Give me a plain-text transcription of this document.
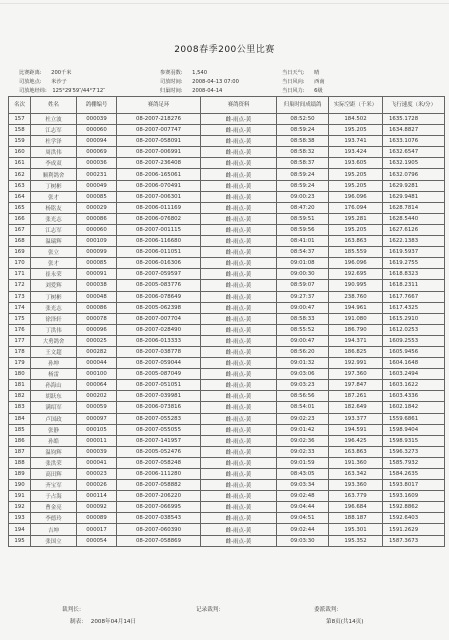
2008春季200公里比赛
比赛距离: 200千米	参赛羽数: 1,540	当日天气: 晴
司放地点: 米沙子	司放时间: 2008-04-13 07:00	当日风向: 西南
司放地经纬: 125°29′59″/44°7′12″	归巢时间: 2008-04-14	当日风力: 6级
名次	姓名	鸽棚编号	赛鸽足环	赛鸽资料	归巢时间成绩鸽	实际空距（千米）	飞行速度（米/分）
157	杜立波	000039	08-2007-218276	雌-雨点-黄	08:52:50	184.502	1635.1728
158	江志军	000060	08-2007-007747	雌-雨点-黄	08:59:24	195.205	1634.8827
159	杜学泽	000094	08-2007-058091	雌-雨点-黄	08:58:38	193.741	1633.1076
160	周洪伟	000069	08-2007-006991	雌-雨点-黄	08:58:32	193.424	1632.6547
161	李成双	000036	08-2007-236408	雌-雨点-黄	08:58:37	193.605	1632.1905
162	顺利鸽舍	000231	08-2006-165061	雌-雨点-黄	08:59:24	195.205	1632.0796
163	丁树彬	000049	08-2006-070491	雌-雨点-黄	08:59:24	195.205	1629.9281
164	张才	000085	08-2007-006301	雌-雨点-黄	09:00:23	196.096	1629.9481
165	杨铭友	000029	08-2006-011169	雌-雨点-黄	08:47:20	176.094	1628.7814
166	张光志	000086	08-2006-076802	雌-雨点-黄	08:59:51	195.281	1628.5440
167	江志军	000060	08-2007-001115	雌-雨点-黄	08:59:56	195.205	1627.6126
168	温瑞辉	000109	08-2006-116680	雌-雨点-黄	08:41:01	163.863	1622.1383
169	张立	000099	08-2006-011051	雌-雨点-黄	08:54:37	185.559	1619.5937
170	张才	000085	08-2006-016306	雌-雨点-黄	09:01:08	196.096	1619.2755
171	崔永荣	000091	08-2007-059597	雌-雨点-黄	09:00:30	192.695	1618.8323
172	刘爱辉	000038	08-2005-083776	雌-雨点-黄	08:59:07	190.995	1618.2311
173	丁树彬	000048	08-2006-078649	雌-雨点-黄	09:27:37	238.760	1617.7667
174	张光志	000086	08-2005-062398	雌-雨点-黄	09:00:47	194.961	1617.4325
175	徐泽轩	000078	08-2007-007704	雌-雨点-黄	08:58:33	191.080	1615.2910
176	丁洪伟	000096	08-2007-028490	雌-雨点-黄	08:55:52	186.790	1612.0253
177	大勇鸽舍	000025	08-2006-013333	雌-雨点-黄	09:00:47	194.371	1609.2553
178	王文超	000282	08-2007-038778	雌-雨点-黄	08:56:20	186.825	1605.9456
179	孙坤	000044	08-2007-059044	雌-雨点-黄	09:01:32	192.991	1604.1648
180	杨雷	000100	08-2005-087049	雌-雨点-黄	09:03:06	197.360	1603.2494
181	孙海山	000064	08-2007-051051	雌-雨点-黄	09:03:23	197.847	1603.1622
182	胡跃东	000202	08-2007-039981	雌-雨点-黄	08:56:56	187.261	1603.4336
183	满绍军	000059	08-2006-073816	雌-雨点-黄	08:54:01	182.649	1602.1842
184	卢国政	000097	08-2007-055283	雌-雨点-黄	09:02:23	193.377	1559.6861
185	张静	000105	08-2007-055055	雌-雨点-黄	09:01:42	194.591	1598.9404
186	孙皓	000011	08-2007-141957	雌-雨点-黄	09:02:36	196.425	1598.9315
187	温钧辉	000039	08-2005-052476	雌-雨点-黄	09:02:33	163.863	1596.3273
188	张洪荣	000041	08-2007-058248	雌-雨点-黄	09:01:59	191.360	1585.7932
189	高田辉	000023	08-2006-111280	雌-雨点-黄	08:43:05	163.342	1584.2635
190	齐宝军	000026	08-2007-058882	雌-雨点-黄	09:03:34	193.360	1593.8017
191	于占海	000114	08-2007-206220	雌-雨点-黄	09:02:48	163.779	1593.1609
192	曹金亮	000092	08-2007-066995	雌-雨点-黄	09:04:44	196.684	1592.8862
193	李德玲	000089	08-2007-038543	雌-雨点-黄	09:04:51	188.187	1592.6403
194	吉坤	000017	08-2007-060390	雌-雨点-黄	09:02:44	195.301	1591.2629
195	张国立	000054	08-2007-058869	雌-雨点-黄	09:03:30	195.352	1587.3673
裁判长：	记录裁判：	委派裁判：
制表： 2008年04月14日	第8页(共14页)
